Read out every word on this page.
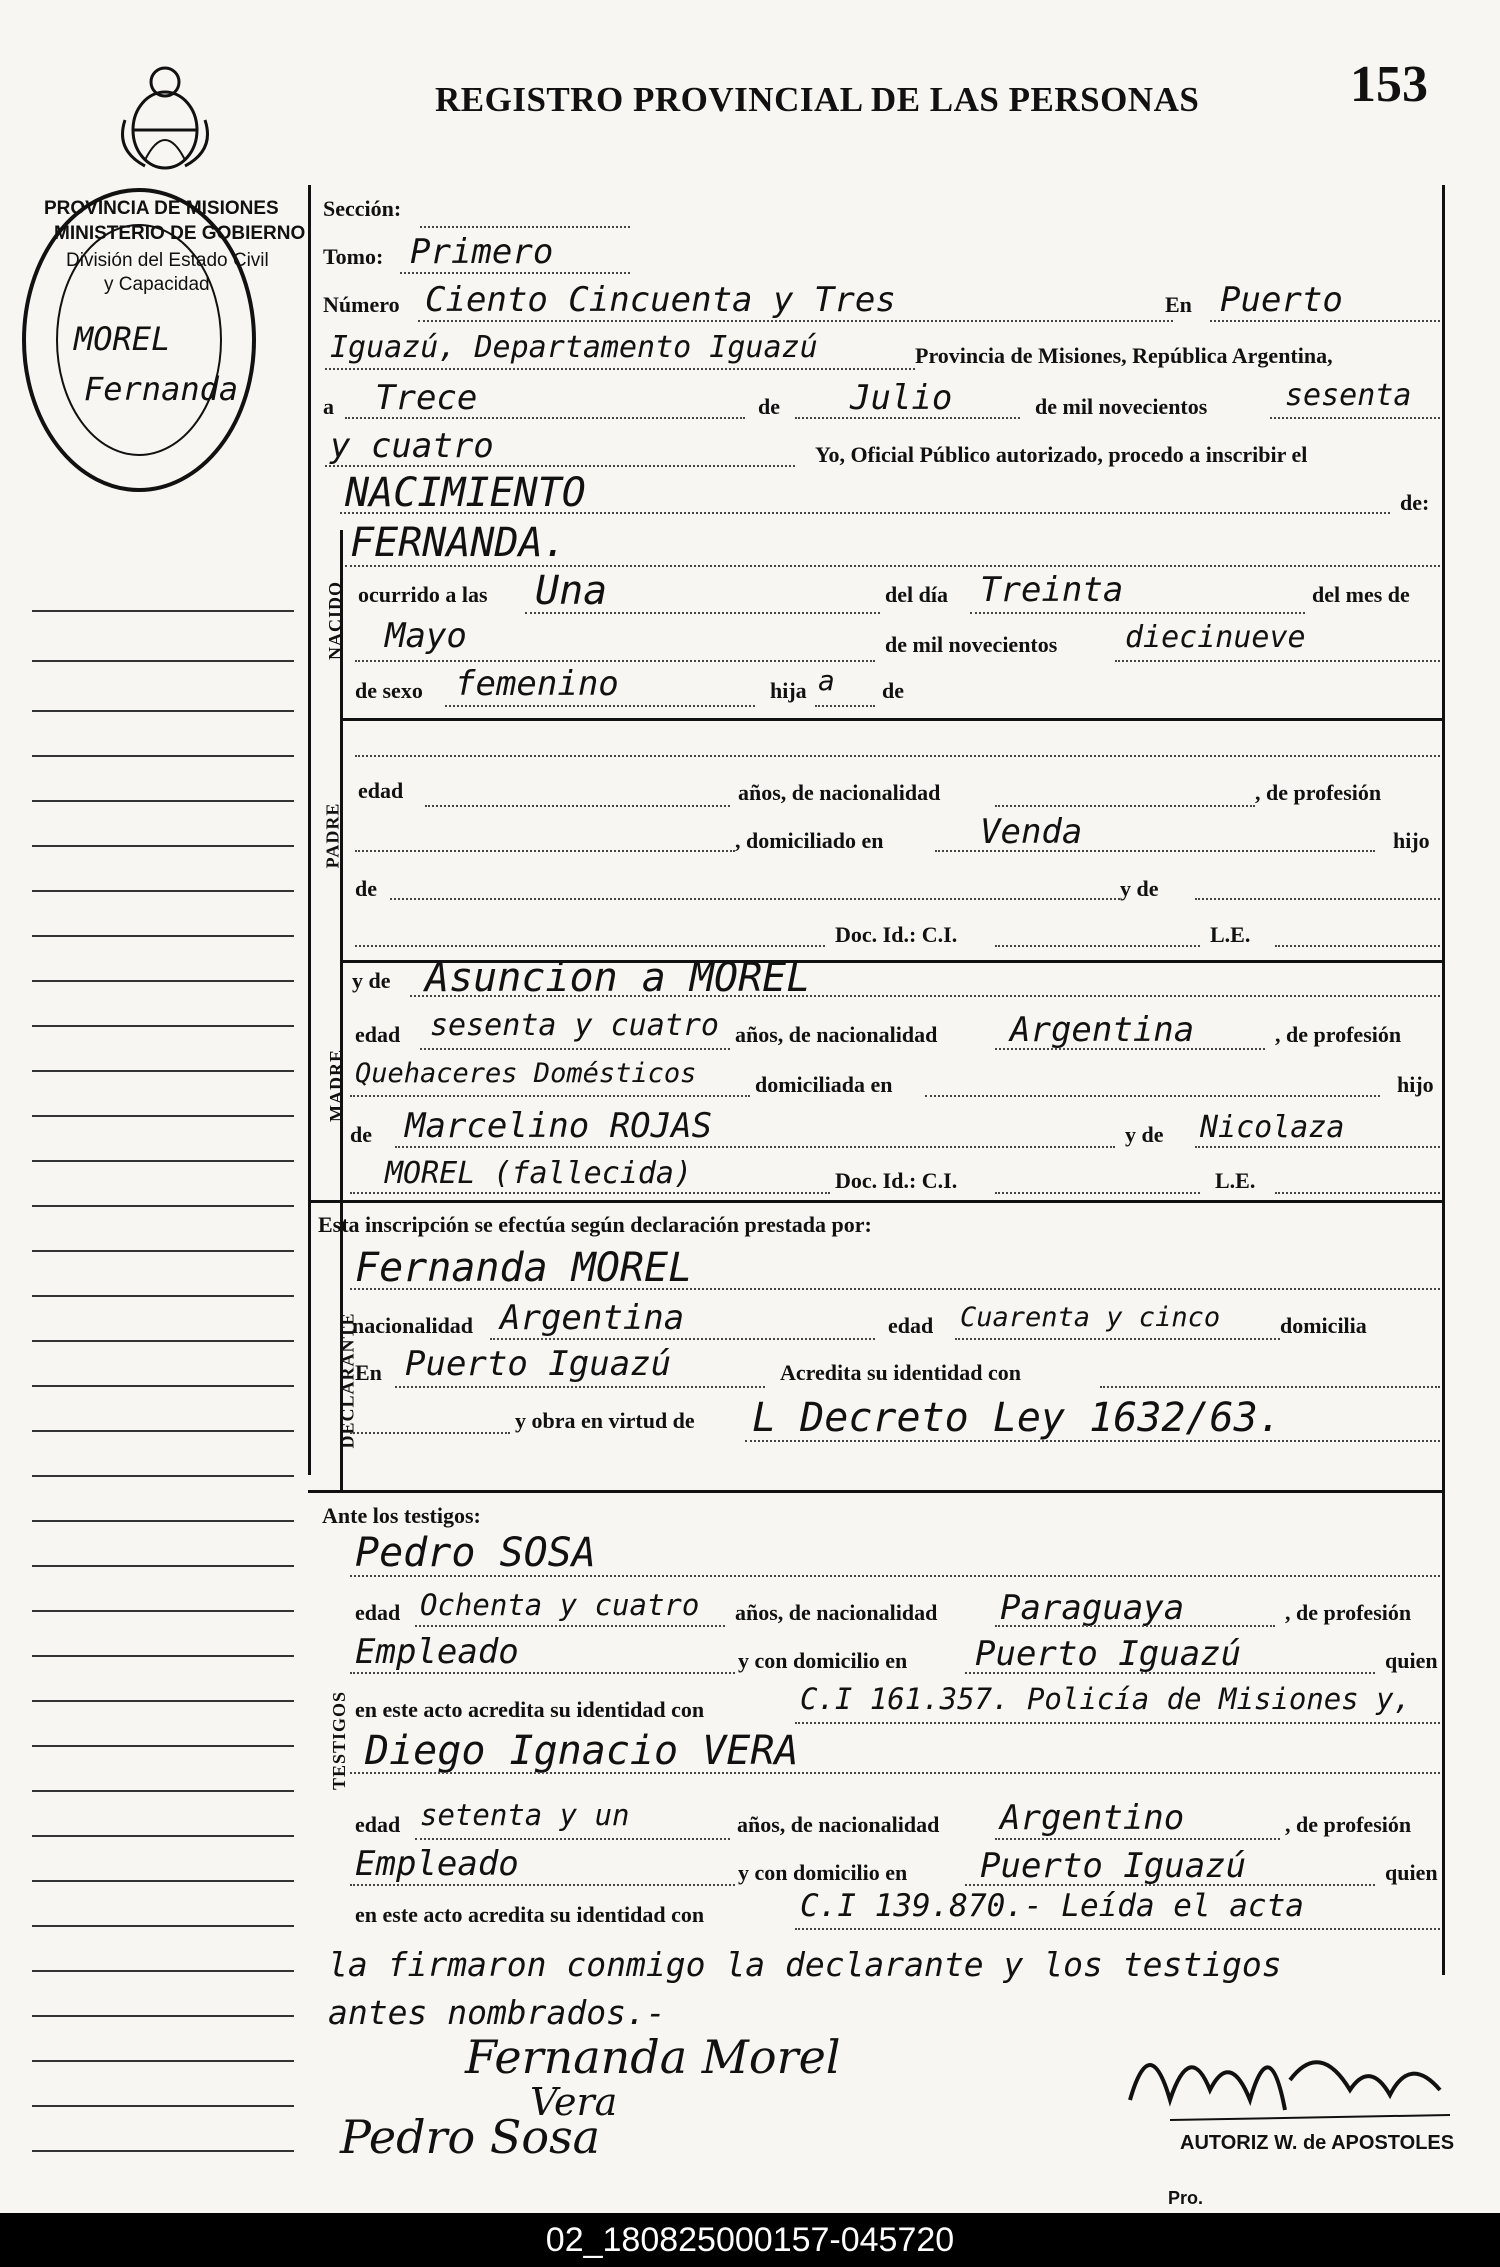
REGISTRO PROVINCIAL DE LAS PERSONAS	153
PROVINCIA DE MISIONES
MINISTERIO DE GOBIERNO
División del Estado Civil
y Capacidad
MOREL
Fernanda
NACIDO
PADRE
MADRE
DECLARANTE
TESTIGOS
Sección:
Tomo: Primero
Número Ciento Cincuenta y Tres	En Puerto
Iguazú, Departamento Iguazú	Provincia de Misiones, República Argentina,
a Trece	de Julio	de mil novecientos	sesenta
y cuatro	Yo, Oficial Público autorizado, procedo a inscribir el
NACIMIENTO	de:
FERNANDA.
ocurrido a las Una	del día Treinta	del mes de
Mayo	de mil novecientos diecinueve
de sexo femenino	hija a de
edad	años, de nacionalidad	, de profesión
, domiciliado en	Venda	hijo
de	y de
Doc. Id.: C.I.	L.E.
y de Asuncion a MOREL
edad sesenta y cuatro años, de nacionalidad Argentina	, de profesión
Quehaceres Domésticos	domiciliada en	hijo
de Marcelino ROJAS	y de Nicolaza
MOREL (fallecida)	Doc. Id.: C.I.	L.E.
Esta inscripción se efectúa según declaración prestada por:
Fernanda MOREL
nacionalidad Argentina	edad Cuarenta y cinco	domicilia
En Puerto Iguazú	Acredita su identidad con
y obra en virtud de L Decreto Ley 1632/63.
Ante los testigos:
Pedro SOSA
edad Ochenta y cuatro años, de nacionalidad Paraguaya	, de profesión
Empleado	y con domicilio en Puerto Iguazú	quien
en este acto acredita su identidad con	C.I 161.357. Policía de Misiones y,
Diego Ignacio VERA
edad setenta y un	años, de nacionalidad Argentino	, de profesión
Empleado	y con domicilio en Puerto Iguazú	quien
en este acto acredita su identidad con	C.I 139.870.- Leída el acta
la firmaron conmigo la declarante y los testigos
antes nombrados.-
Fernanda Morel
Pedro Sosa
Vera
AUTORIZ W. de APOSTOLES
Pro.
02_180825000157-045720
